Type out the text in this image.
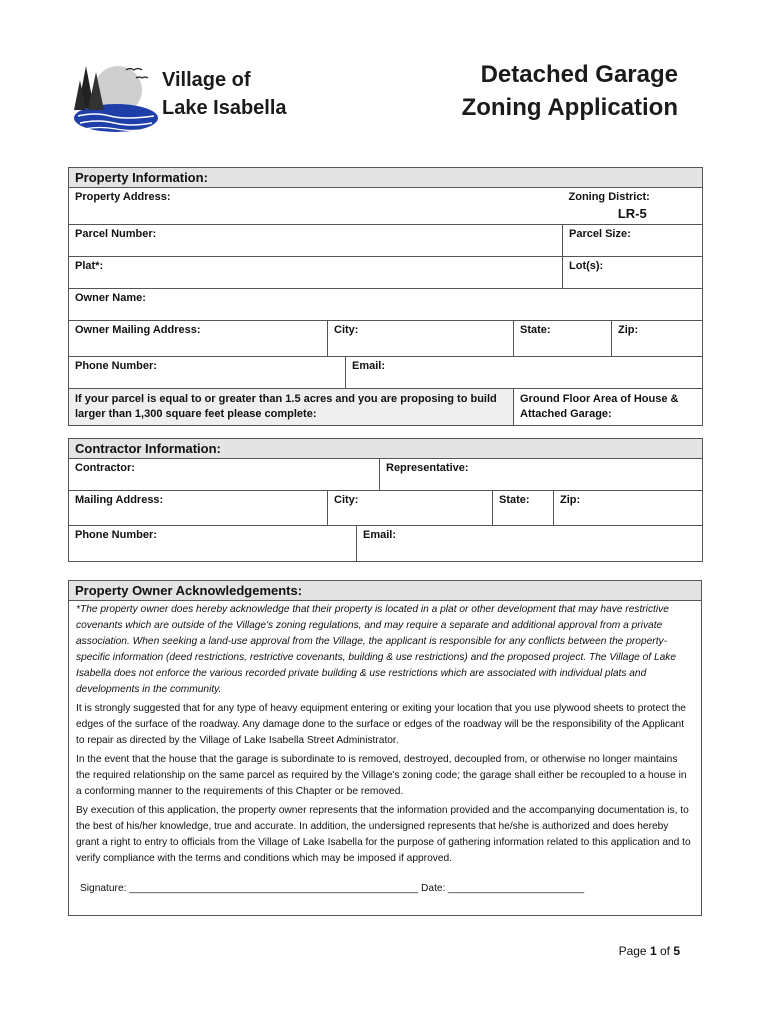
Village of
Lake Isabella
Detached Garage
Zoning Application
Property Information:					
Property Address:				Zoning District:
LR-5	

Parcel Number:				Parcel Size:	
Plat*:				Lot(s):	
Owner Name:					
Owner Mailing Address:	City:		State:		Zip:
Phone Number:		Email:			
If your parcel is equal to or greater than 1.5 acres and you are proposing to build larger than 1,300 square feet please complete:			Ground Floor Area of House & Attached Garage:		
Contractor Information:					
Contractor:			Representative:		
Mailing Address:	City:			State:	Zip:
Phone Number:		Email:			
Property Owner Acknowledgements:

*The property owner does hereby acknowledge that their property is located in a plat or other development that may have restrictive covenants which are outside of the Village's zoning regulations, and may require a separate and additional approval from a private association. When seeking a land-use approval from the Village, the applicant is responsible for any conflicts between the property-specific information (deed restrictions, restrictive covenants, building & use restrictions) and the proposed project. The Village of Lake Isabella does not enforce the various recorded private building & use restrictions which are associated with individual plats and developments in the community.

It is strongly suggested that for any type of heavy equipment entering or exiting your location that you use plywood sheets to protect the edges of the surface of the roadway. Any damage done to the surface or edges of the roadway will be the responsibility of the Applicant to repair as directed by the Village of Lake Isabella Street Administrator.

In the event that the house that the garage is subordinate to is removed, destroyed, decoupled from, or otherwise no longer maintains the required relationship on the same parcel as required by the Village's zoning code; the garage shall either be recoupled to a house in a conforming manner to the requirements of this Chapter or be removed.

By execution of this application, the property owner represents that the information provided and the accompanying documentation is, to the best of his/her knowledge, true and accurate. In addition, the undersigned represents that he/she is authorized and does hereby grant a right to entry to officials from the Village of Lake Isabella for the purpose of gathering information related to this application and to verify compliance with the terms and conditions which may be imposed if approved.

Signature: ___________________________________________________ Date: ________________________
Page 1 of 5
